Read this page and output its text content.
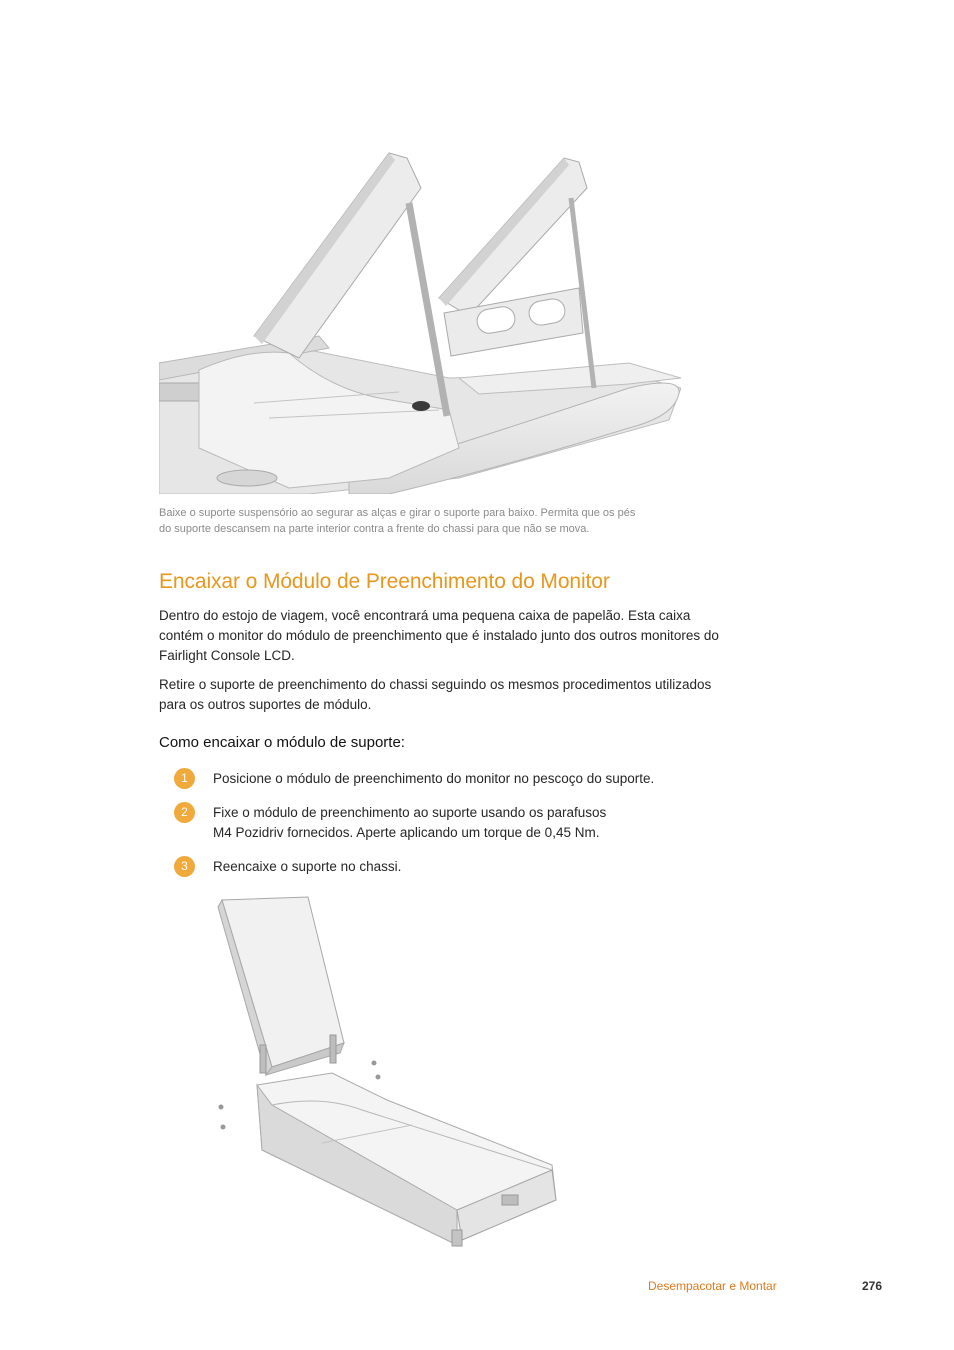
Baixe o suporte suspensório ao segurar as alças e girar o suporte para baixo. Permita que os pés
do suporte descansem na parte interior contra a frente do chassi para que não se mova.
Encaixar o Módulo de Preenchimento do Monitor

Dentro do estojo de viagem, você encontrará uma pequena caixa de papelão. Esta caixa
contém o monitor do módulo de preenchimento que é instalado junto dos outros monitores do
Fairlight Console LCD.

Retire o suporte de preenchimento do chassi seguindo os mesmos procedimentos utilizados
para os outros suportes de módulo.

Como encaixar o módulo de suporte:
1	Posicione o módulo de preenchimento do monitor no pescoço do suporte.
2	Fixe o módulo de preenchimento ao suporte usando os parafusos
M4 Pozidriv fornecidos. Aperte aplicando um torque de 0,45 Nm.
3	Reencaixe o suporte no chassi.
Desempacotar e Montar	276
